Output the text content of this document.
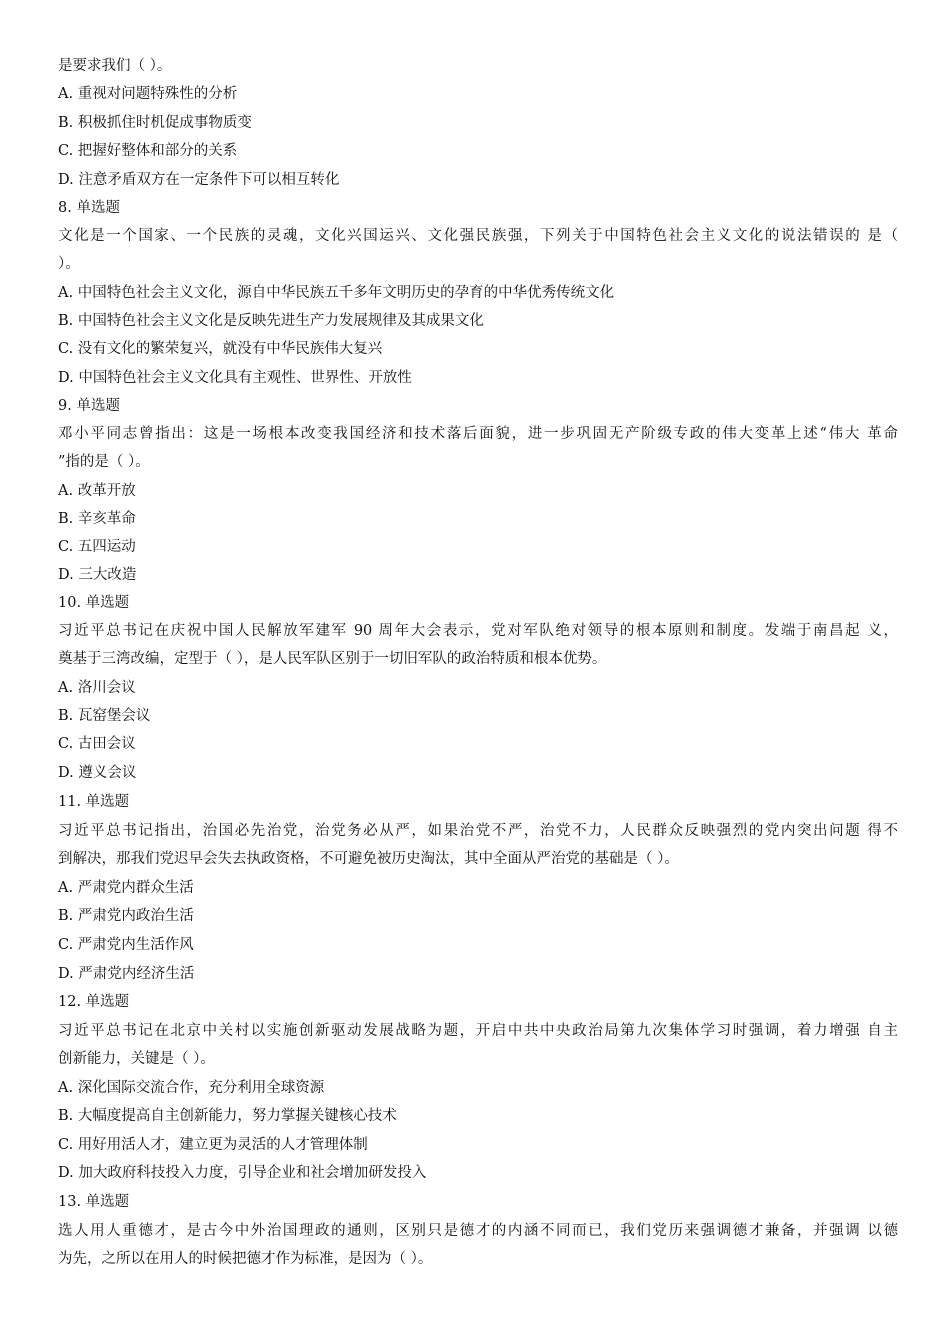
是要求我们（ ）。
A. 重视对问题特殊性的分析
B. 积极抓住时机促成事物质变
C. 把握好整体和部分的关系
D. 注意矛盾双方在一定条件下可以相互转化
8. 单选题
文化是一个国家、一个民族的灵魂，文化兴国运兴、文化强民族强，下列关于中国特色社会主义文化的说法错误的 是（
）。
A. 中国特色社会主义文化，源自中华民族五千多年文明历史的孕育的中华优秀传统文化
B. 中国特色社会主义文化是反映先进生产力发展规律及其成果文化
C. 没有文化的繁荣复兴，就没有中华民族伟大复兴
D. 中国特色社会主义文化具有主观性、世界性、开放性
9. 单选题
邓小平同志曾指出：这是一场根本改变我国经济和技术落后面貌，进一步巩固无产阶级专政的伟大变革上述“伟大 革命
”指的是（ ）。
A. 改革开放
B. 辛亥革命
C. 五四运动
D. 三大改造
10. 单选题
习近平总书记在庆祝中国人民解放军建军 90 周年大会表示，党对军队绝对领导的根本原则和制度。发端于南昌起 义，
奠基于三湾改编，定型于（ ），是人民军队区别于一切旧军队的政治特质和根本优势。
A. 洛川会议
B. 瓦窑堡会议
C. 古田会议
D. 遵义会议
11. 单选题
习近平总书记指出，治国必先治党，治党务必从严，如果治党不严，治党不力，人民群众反映强烈的党内突出问题 得不
到解决，那我们党迟早会失去执政资格，不可避免被历史淘汰，其中全面从严治党的基础是（ ）。
A. 严肃党内群众生活
B. 严肃党内政治生活
C. 严肃党内生活作风
D. 严肃党内经济生活
12. 单选题
习近平总书记在北京中关村以实施创新驱动发展战略为题，开启中共中央政治局第九次集体学习时强调，着力增强 自主
创新能力，关键是（ ）。
A. 深化国际交流合作，充分利用全球资源
B. 大幅度提高自主创新能力，努力掌握关键核心技术
C. 用好用活人才，建立更为灵活的人才管理体制
D. 加大政府科技投入力度，引导企业和社会增加研发投入
13. 单选题
选人用人重德才，是古今中外治国理政的通则，区别只是德才的内涵不同而已，我们党历来强调德才兼备，并强调 以德
为先，之所以在用人的时候把德才作为标准，是因为（ ）。
